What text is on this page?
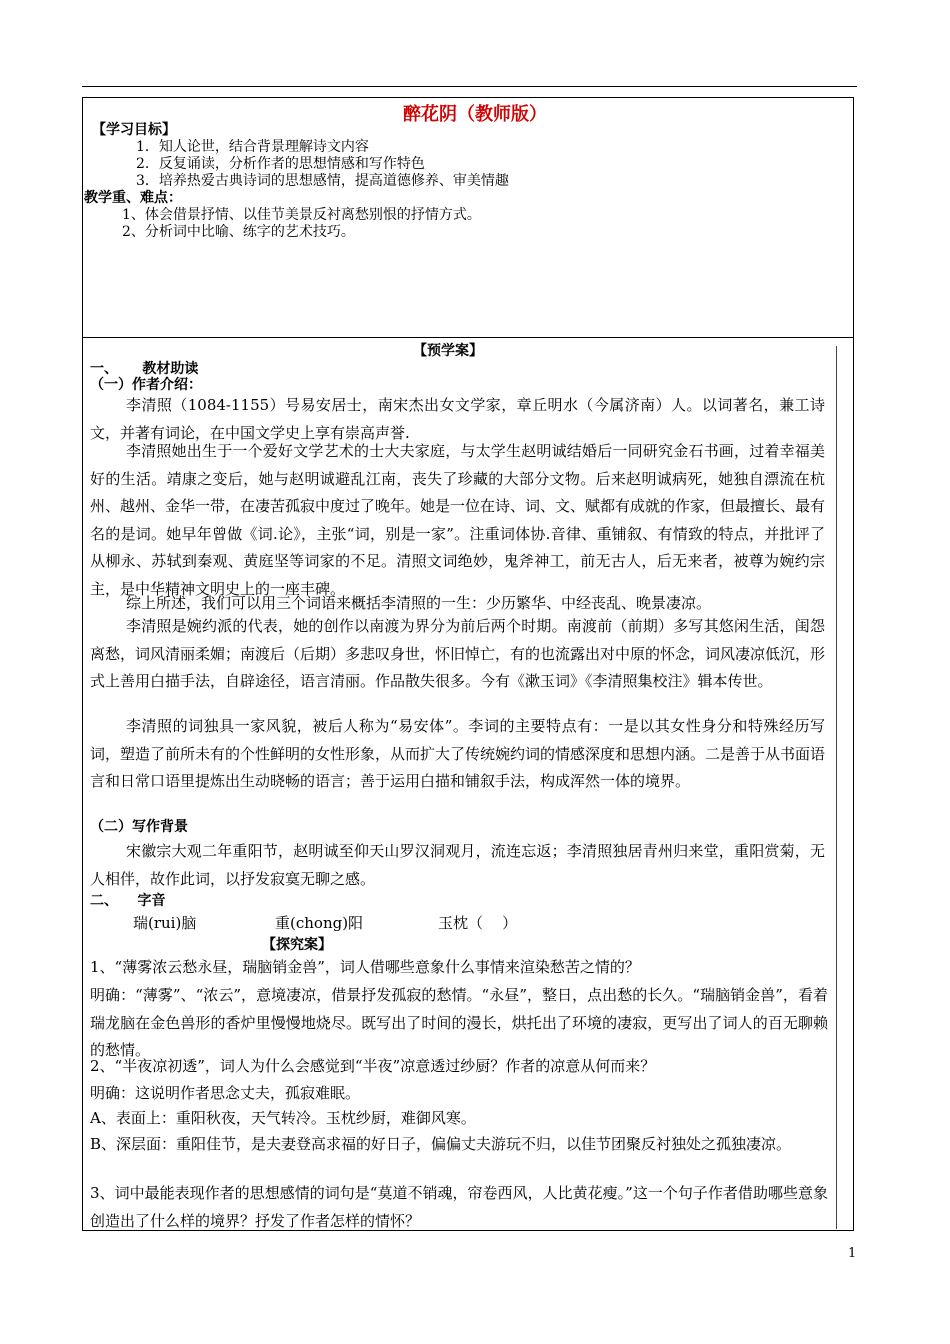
醉花阴（教师版）
【学习目标】
1．知人论世，结合背景理解诗文内容
2．反复诵读，分析作者的思想情感和写作特色
3．培养热爱古典诗词的思想感情，提高道德修养、审美情趣
教学重、难点：
1、体会借景抒情、以佳节美景反衬离愁别恨的抒情方式。
2、分析词中比喻、练字的艺术技巧。
【预学案】
一、     教材助读
（一）作者介绍：
李清照（1084-1155）号易安居士，南宋杰出女文学家，章丘明水（今属济南）人。以词著名，兼工诗文，并著有词论，在中国文学史上享有崇高声誉.
李清照她出生于一个爱好文学艺术的士大夫家庭，与太学生赵明诚结婚后一同研究金石书画，过着幸福美好的生活。靖康之变后，她与赵明诚避乱江南，丧失了珍藏的大部分文物。后来赵明诚病死，她独自漂流在杭州、越州、金华一带，在凄苦孤寂中度过了晚年。她是一位在诗、词、文、赋都有成就的作家，但最擅长、最有名的是词。她早年曾做《词.论》，主张“词，别是一家”。注重词体协.音律、重铺叙、有情致的特点，并批评了从柳永、苏轼到秦观、黄庭坚等词家的不足。清照文词绝妙，鬼斧神工，前无古人，后无来者，被尊为婉约宗主，是中华精神文明史上的一座丰碑。
综上所述，我们可以用三个词语来概括李清照的一生：少历繁华、中经丧乱、晚景凄凉。
李清照是婉约派的代表，她的创作以南渡为界分为前后两个时期。南渡前（前期）多写其悠闲生活，闺怨离愁，词风清丽柔媚；南渡后（后期）多悲叹身世，怀旧悼亡，有的也流露出对中原的怀念，词风凄凉低沉，形式上善用白描手法，自辟途径，语言清丽。作品散失很多。今有《漱玉词》《李清照集校注》辑本传世。
李清照的词独具一家风貌，被后人称为“易安体”。李词的主要特点有：一是以其女性身分和特殊经历写词，塑造了前所未有的个性鲜明的女性形象，从而扩大了传统婉约词的情感深度和思想内涵。二是善于从书面语言和日常口语里提炼出生动晓畅的语言；善于运用白描和铺叙手法，构成浑然一体的境界。
（二）写作背景
宋徽宗大观二年重阳节，赵明诚至仰天山罗汉洞观月，流连忘返；李清照独居青州归来堂，重阳赏菊，无人相伴，故作此词，以抒发寂寞无聊之感。
二、    字音
瑞(rui)脑	重(chong)阳	玉枕（    ）
【探究案】
1、“薄雾浓云愁永昼，瑞脑销金兽”，词人借哪些意象什么事情来渲染愁苦之情的？
明确：“薄雾”、“浓云”，意境凄凉，借景抒发孤寂的愁情。“永昼”，整日，点出愁的长久。“瑞脑销金兽”，看着瑞龙脑在金色兽形的香炉里慢慢地烧尽。既写出了时间的漫长，烘托出了环境的凄寂，更写出了词人的百无聊赖的愁情。
2、“半夜凉初透”，词人为什么会感觉到“半夜”凉意透过纱厨？作者的凉意从何而来？
明确：这说明作者思念丈夫，孤寂难眠。
A、表面上：重阳秋夜，天气转冷。玉枕纱厨，难御风寒。
B、深层面：重阳佳节，是夫妻登高求福的好日子，偏偏丈夫游玩不归，以佳节团聚反衬独处之孤独凄凉。
3、词中最能表现作者的思想感情的词句是“莫道不销魂，帘卷西风，人比黄花瘦。”这一个句子作者借助哪些意象创造出了什么样的境界？抒发了作者怎样的情怀？
1
